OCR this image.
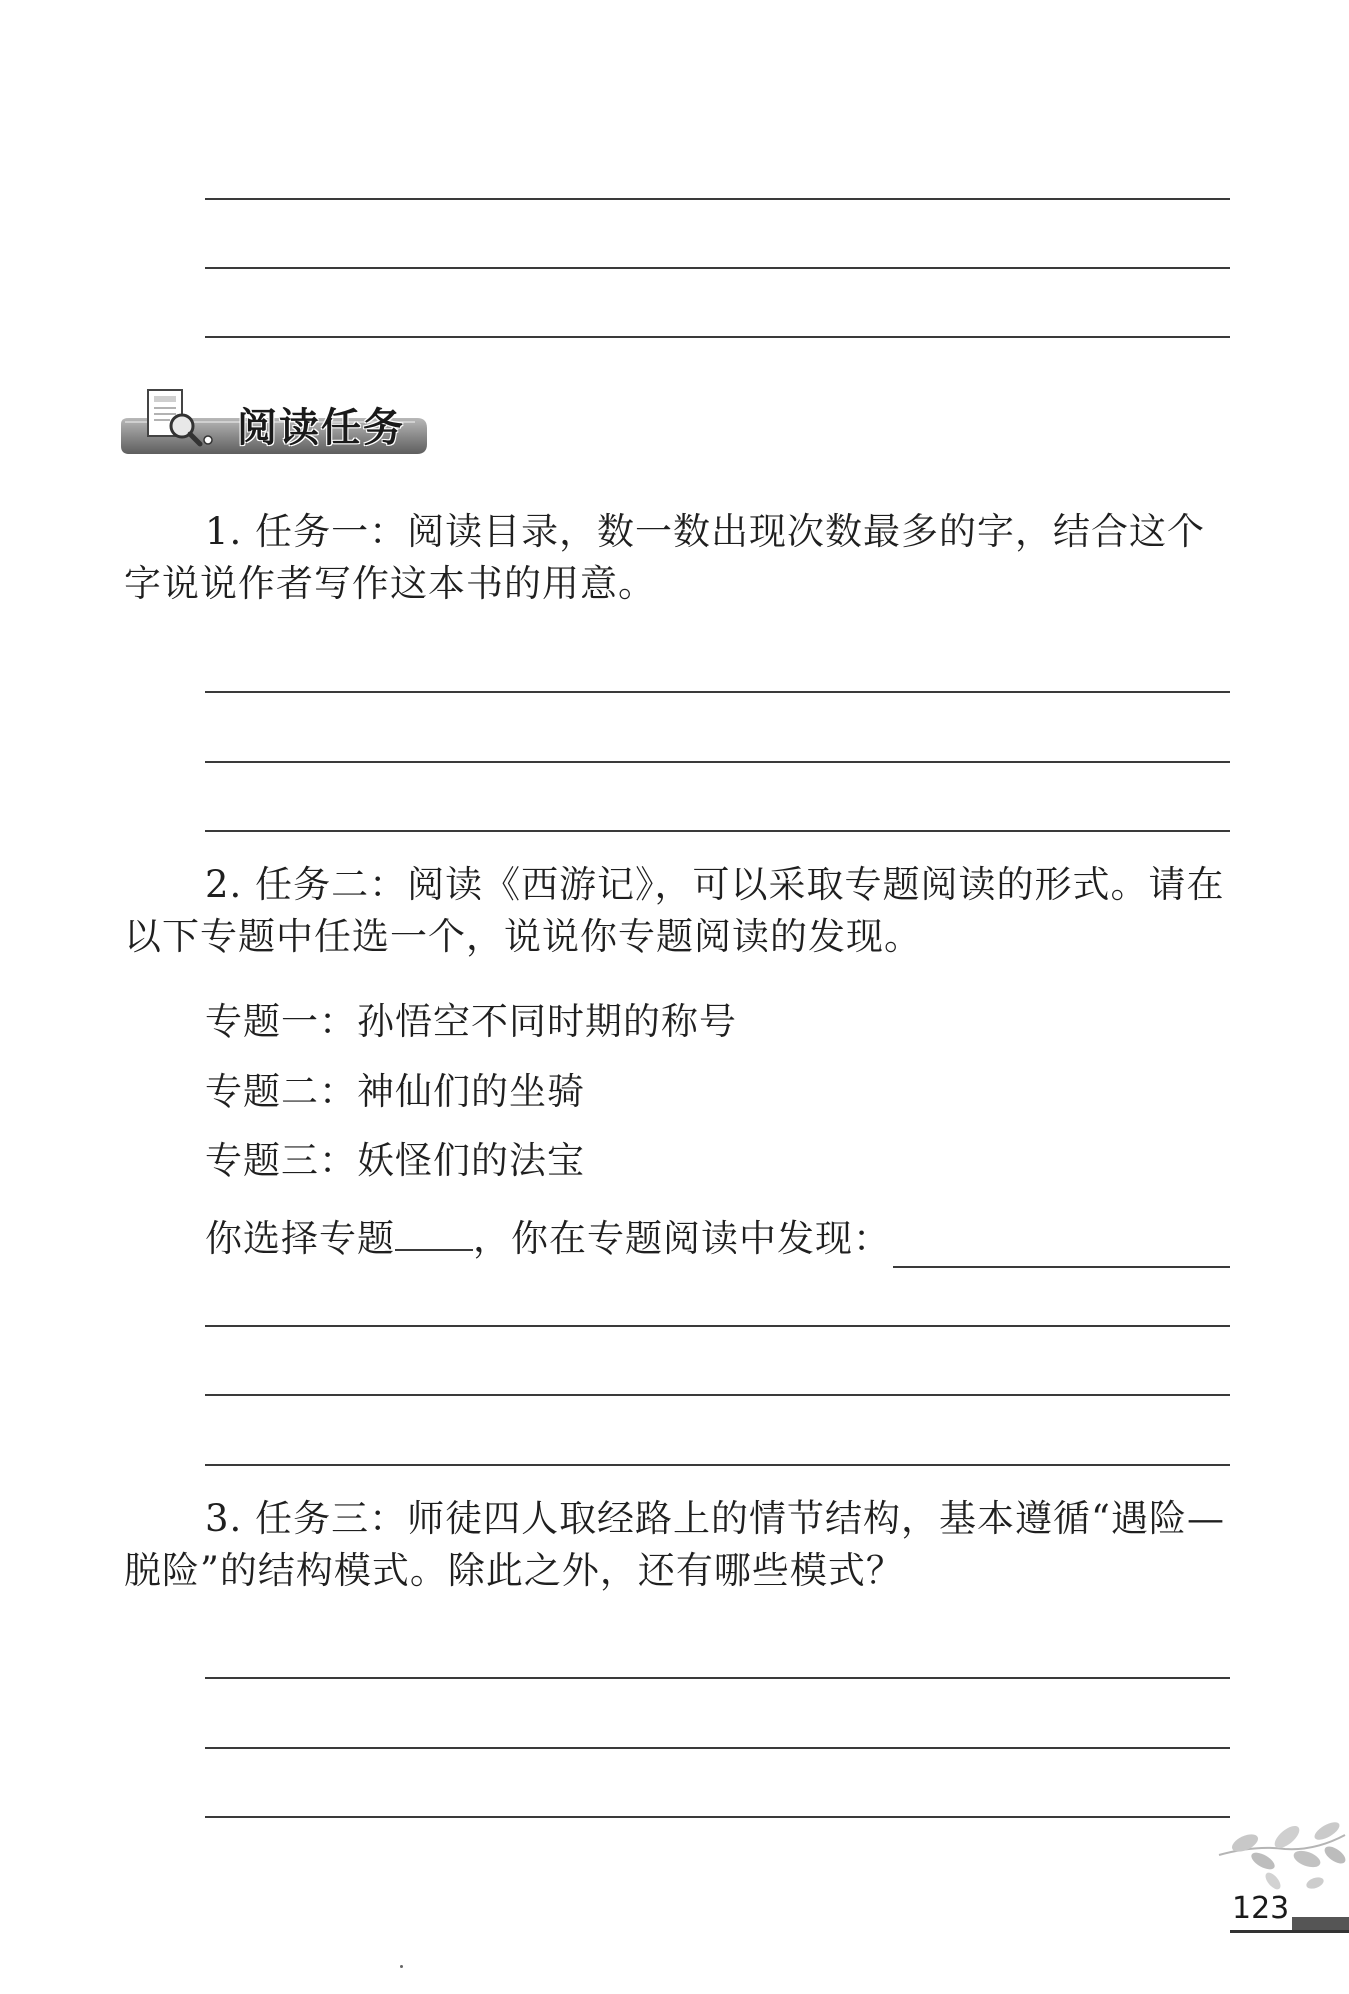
阅读任务
1. 任务一：阅读目录，数一数出现次数最多的字，结合这个字说说作者写作这本书的用意。
2. 任务二：阅读《西游记》，可以采取专题阅读的形式。请在以下专题中任选一个，说说你专题阅读的发现。
专题一：孙悟空不同时期的称号
专题二：神仙们的坐骑
专题三：妖怪们的法宝
你选择专题 ，你在专题阅读中发现：
3. 任务三：师徒四人取经路上的情节结构，基本遵循“遇险—脱险”的结构模式。除此之外，还有哪些模式？
123
